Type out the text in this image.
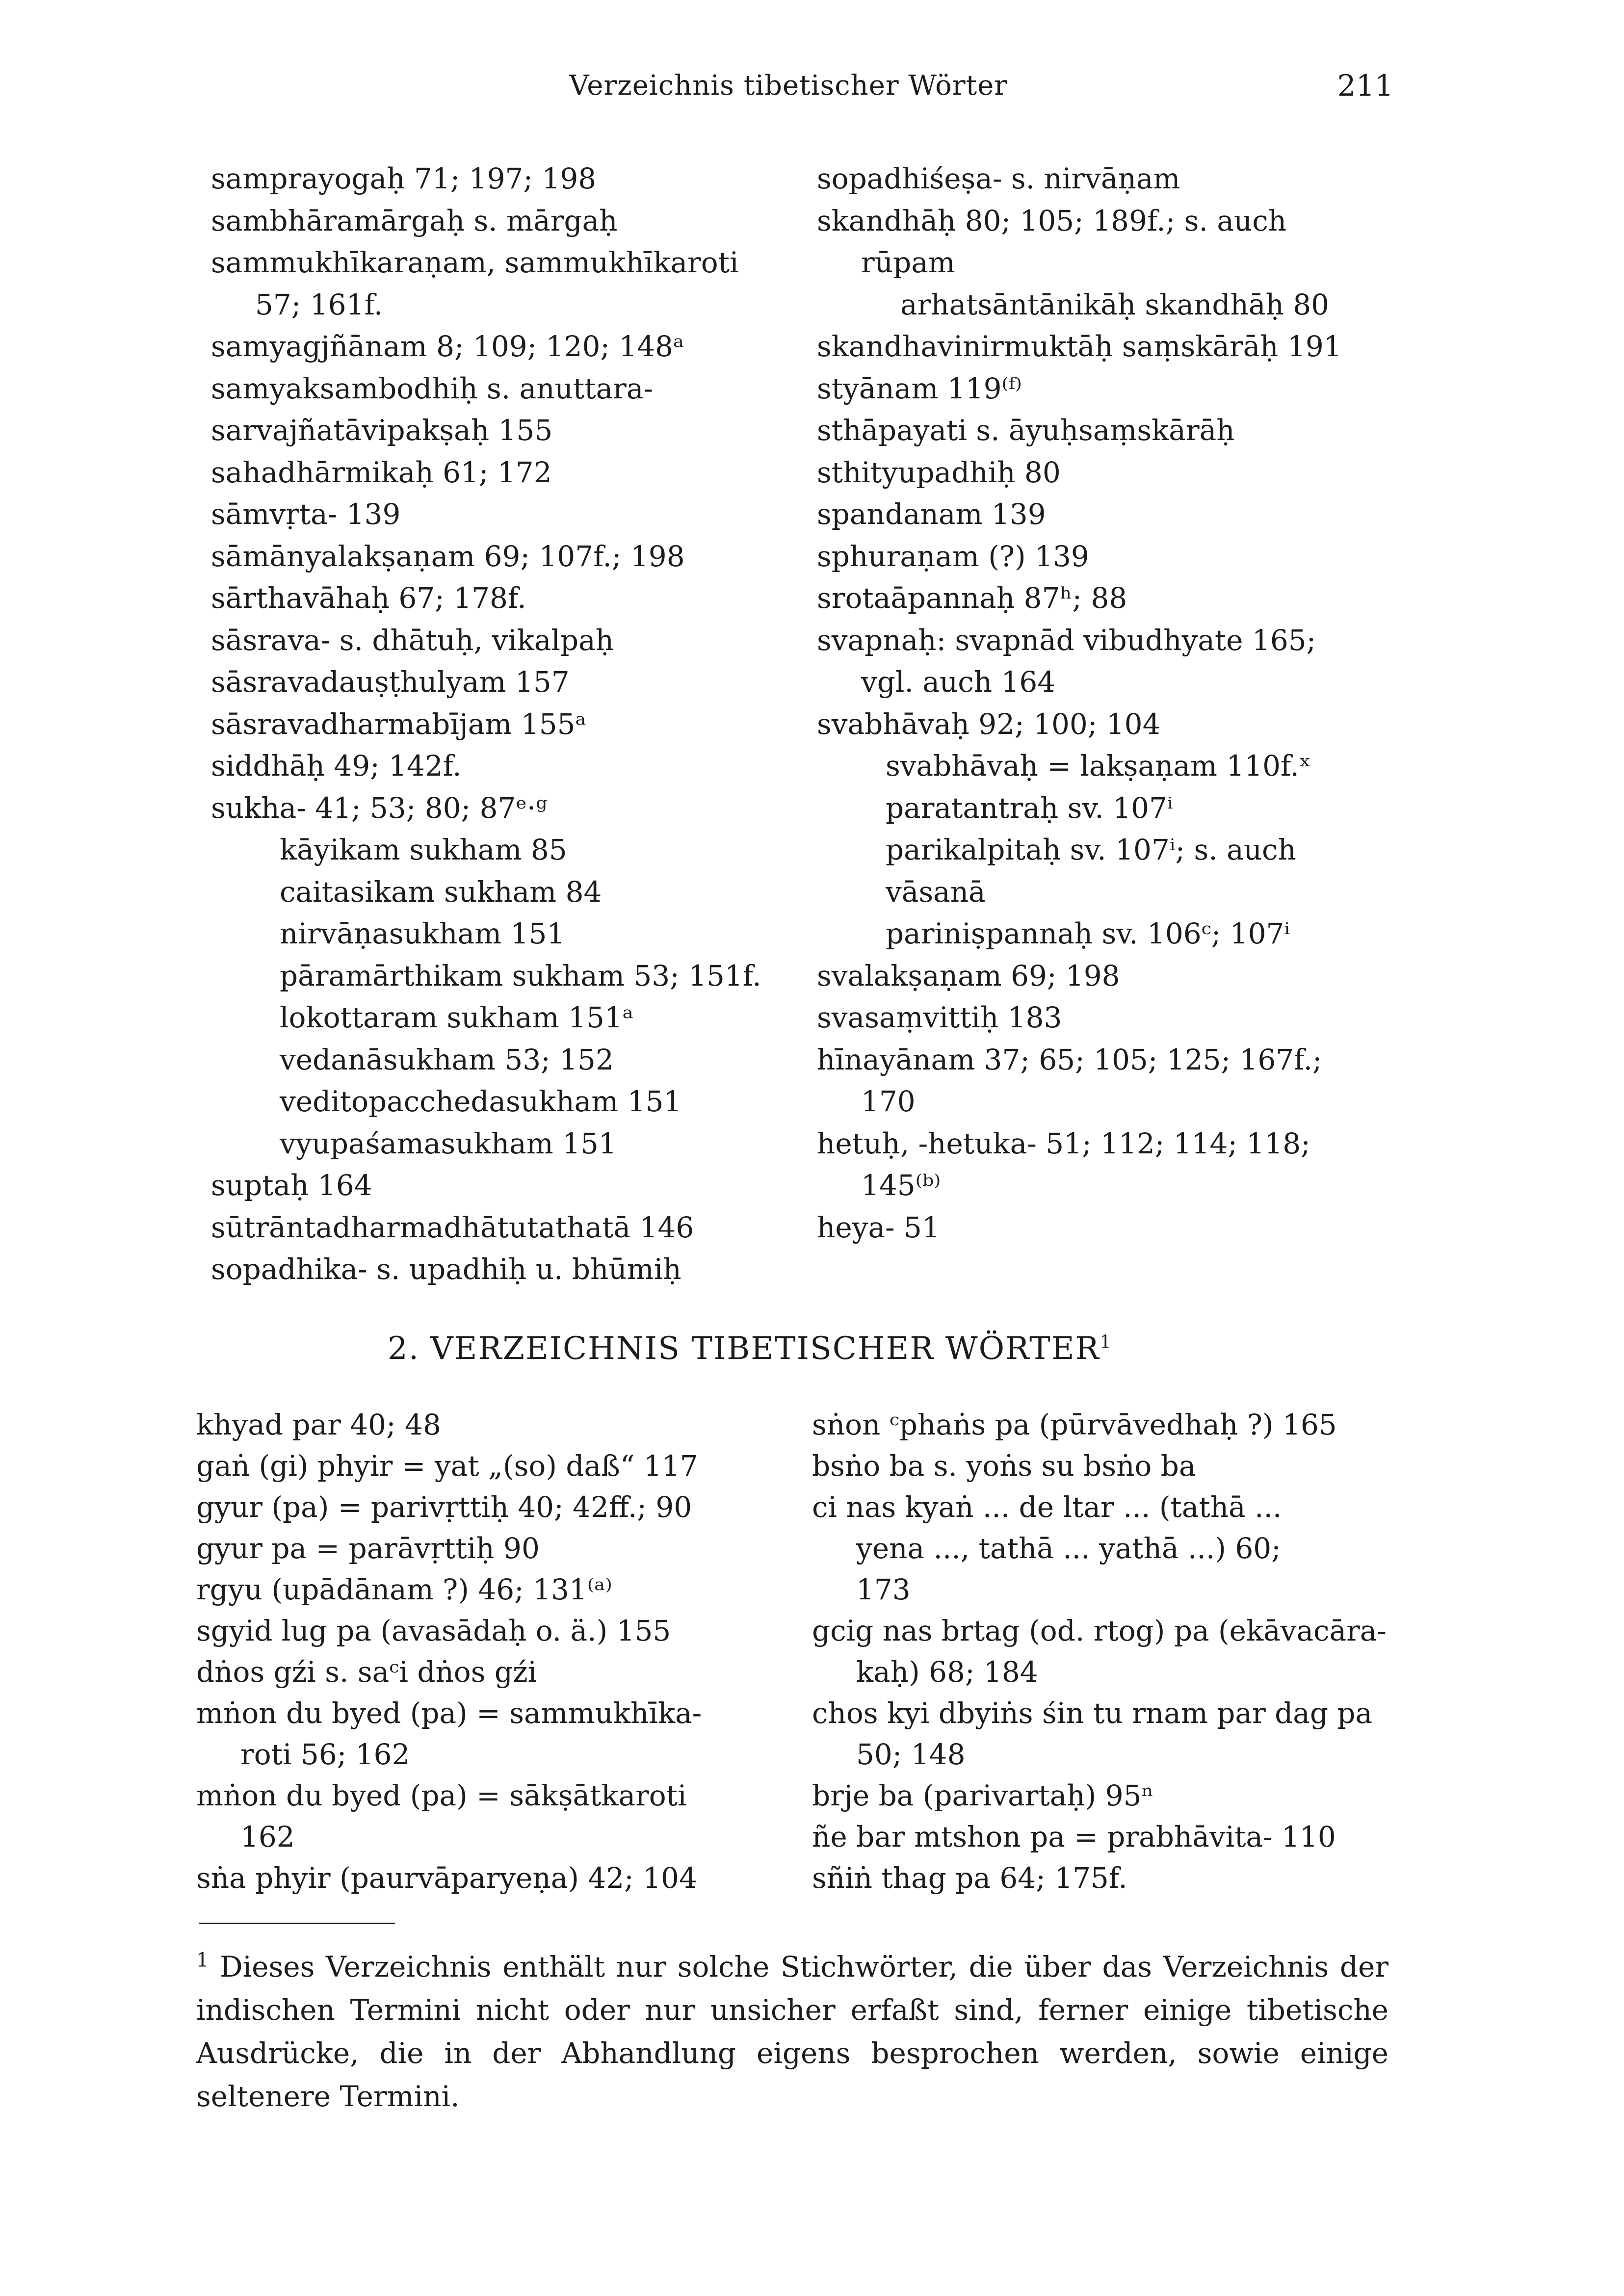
Verzeichnis tibetischer Wörter	211
samprayogaḥ 71; 197; 198
sambhāramārgaḥ s. mārgaḥ
sammukhīkaraṇam, sammukhīkaroti
57; 161f.
samyagjñānam 8; 109; 120; 148ᵃ
samyaksambodhiḥ s. anuttara-
sarvajñatāvipakṣaḥ 155
sahadhārmikaḥ 61; 172
sāmvṛta- 139
sāmānyalakṣaṇam 69; 107f.; 198
sārthavāhaḥ 67; 178f.
sāsrava- s. dhātuḥ, vikalpaḥ
sāsravadauṣṭhulyam 157
sāsravadharmabījam 155ᵃ
siddhāḥ 49; 142f.
sukha- 41; 53; 80; 87ᵉ·ᵍ
kāyikam sukham 85
caitasikam sukham 84
nirvāṇasukham 151
pāramārthikam sukham 53; 151f.
lokottaram sukham 151ᵃ
vedanāsukham 53; 152
veditopacchedasukham 151
vyupaśamasukham 151
suptaḥ 164
sūtrāntadharmadhātutathatā 146
sopadhika- s. upadhiḥ u. bhūmiḥ
sopadhiśeṣa- s. nirvāṇam
skandhāḥ 80; 105; 189f.; s. auch
rūpam
arhatsāntānikāḥ skandhāḥ 80
skandhavinirmuktāḥ saṃskārāḥ 191
styānam 119⁽ᶠ⁾
sthāpayati s. āyuḥsaṃskārāḥ
sthityupadhiḥ 80
spandanam 139
sphuraṇam (?) 139
srotaāpannaḥ 87ʰ; 88
svapnaḥ: svapnād vibudhyate 165;
vgl. auch 164
svabhāvaḥ 92; 100; 104
svabhāvaḥ = lakṣaṇam 110f.ˣ
paratantraḥ sv. 107ⁱ
parikalpitaḥ sv. 107ⁱ; s. auch
vāsanā
pariniṣpannaḥ sv. 106ᶜ; 107ⁱ
svalakṣaṇam 69; 198
svasaṃvittiḥ 183
hīnayānam 37; 65; 105; 125; 167f.;
170
hetuḥ, -hetuka- 51; 112; 114; 118;
145⁽ᵇ⁾
heya- 51
2. VERZEICHNIS TIBETISCHER WÖRTER$^1$
khyad par 40; 48
gaṅ (gi) phyir = yat „(so) daß“ 117
gyur (pa) = parivṛttiḥ 40; 42ff.; 90
gyur pa = parāvṛttiḥ 90
rgyu (upādānam ?) 46; 131⁽ᵃ⁾
sgyid lug pa (avasādaḥ o. ä.) 155
dṅos gźi s. saᶜi dṅos gźi
mṅon du byed (pa) = sammukhīka-
roti 56; 162
mṅon du byed (pa) = sākṣātkaroti
162
sṅa phyir (paurvāparyeṇa) 42; 104
sṅon ᶜphaṅs pa (pūrvāvedhaḥ ?) 165
bsṅo ba s. yoṅs su bsṅo ba
ci nas kyaṅ ... de ltar ... (tathā ...
yena ..., tathā ... yathā ...) 60;
173
gcig nas brtag (od. rtog) pa (ekāvacāra-
kaḥ) 68; 184
chos kyi dbyiṅs śin tu rnam par dag pa
50; 148
brje ba (parivartaḥ) 95ⁿ
ñe bar mtshon pa = prabhāvita- 110
sñiṅ thag pa 64; 175f.
$^1$ Dieses Verzeichnis enthält nur solche Stichwörter, die über das Verzeichnis der indischen Termini nicht oder nur unsicher erfaßt sind, ferner einige tibetische Ausdrücke, die in der Abhandlung eigens besprochen werden, sowie einige seltenere Termini.
